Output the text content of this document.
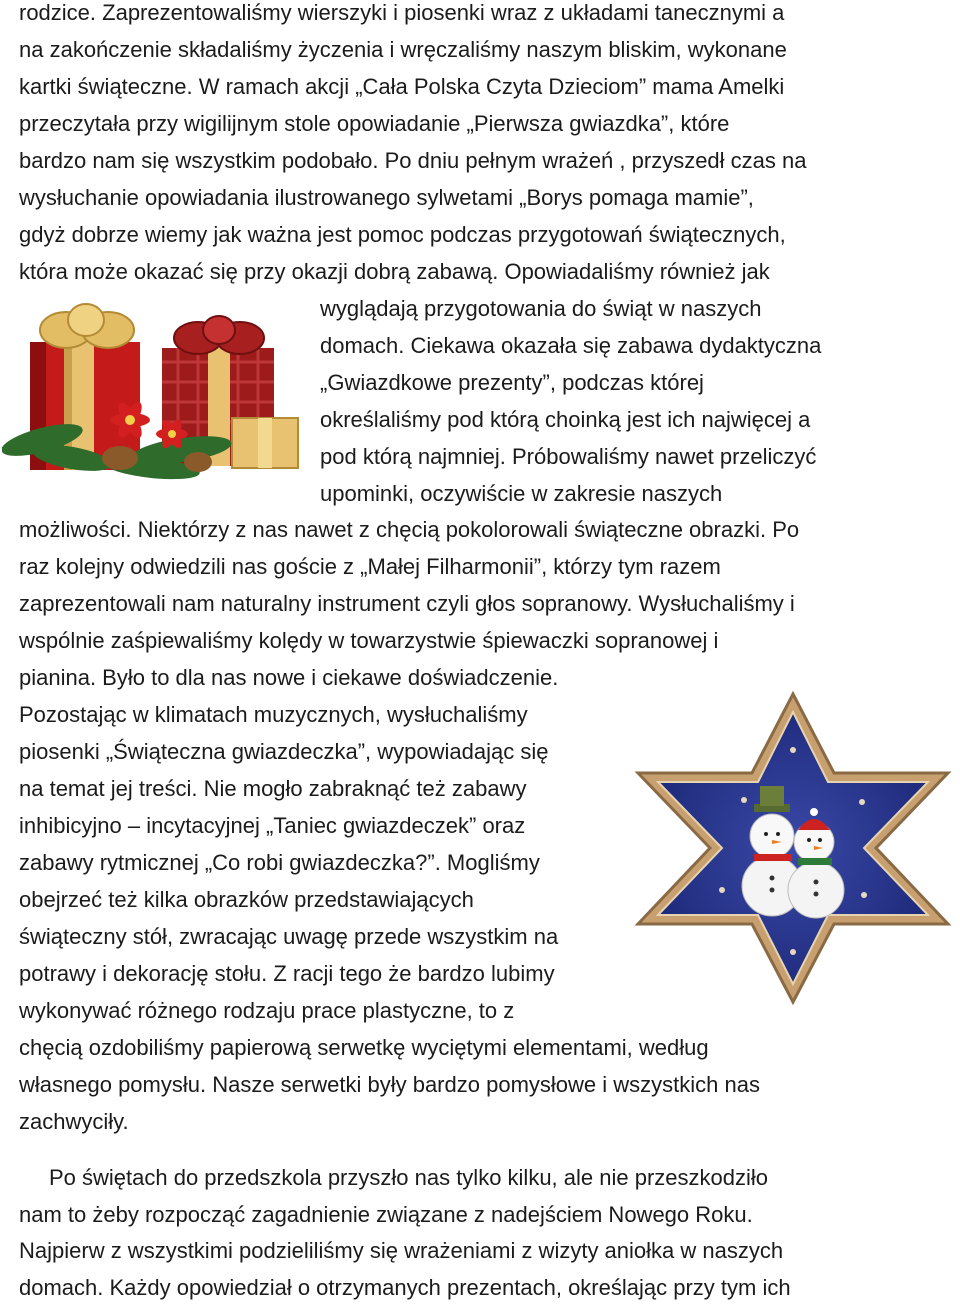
rodzice. Zaprezentowaliśmy wierszyki i piosenki wraz z układami tanecznymi a
na zakończenie składaliśmy życzenia i wręczaliśmy naszym bliskim, wykonane
kartki świąteczne. W ramach akcji „Cała Polska Czyta Dzieciom” mama Amelki
przeczytała przy wigilijnym stole opowiadanie „Pierwsza gwiazdka”, które
bardzo nam się wszystkim podobało. Po dniu pełnym wrażeń , przyszedł czas na
wysłuchanie opowiadania ilustrowanego sylwetami „Borys pomaga mamie”,
gdyż dobrze wiemy jak ważna jest pomoc podczas przygotowań świątecznych,
która może okazać się przy okazji dobrą zabawą. Opowiadaliśmy również jak
wyglądają przygotowania do świąt w naszych
domach. Ciekawa okazała się zabawa dydaktyczna
„Gwiazdkowe prezenty”, podczas której
określaliśmy pod którą choinką jest ich najwięcej a
pod którą najmniej. Próbowaliśmy nawet przeliczyć
upominki, oczywiście w zakresie naszych
możliwości. Niektórzy z nas nawet z chęcią pokolorowali świąteczne obrazki. Po
raz kolejny odwiedzili nas goście z „Małej Filharmonii”, którzy tym razem
zaprezentowali nam naturalny instrument czyli głos sopranowy. Wysłuchaliśmy i
wspólnie zaśpiewaliśmy kolędy w towarzystwie śpiewaczki sopranowej i
pianina. Było to dla nas nowe i ciekawe doświadczenie.
Pozostając w klimatach muzycznych, wysłuchaliśmy
piosenki „Świąteczna gwiazdeczka”, wypowiadając się
na temat jej treści. Nie mogło zabraknąć też zabawy
inhibicyjno – incytacyjnej „Taniec gwiazdeczek” oraz
zabawy rytmicznej „Co robi gwiazdeczka?”. Mogliśmy
obejrzeć też kilka obrazków przedstawiających
świąteczny stół, zwracając uwagę przede wszystkim na
potrawy i dekorację stołu. Z racji tego że bardzo lubimy
wykonywać różnego rodzaju prace plastyczne, to z
chęcią ozdobiliśmy papierową serwetkę wyciętymi elementami, według
własnego pomysłu. Nasze serwetki były bardzo pomysłowe i wszystkich nas
zachwyciły.
Po świętach do przedszkola przyszło nas tylko kilku, ale nie przeszkodziło
nam to żeby rozpocząć zagadnienie związane z nadejściem Nowego Roku.
Najpierw z wszystkimi podzieliliśmy się wrażeniami z wizyty aniołka w naszych
domach. Każdy opowiedział o otrzymanych prezentach, określając przy tym ich
